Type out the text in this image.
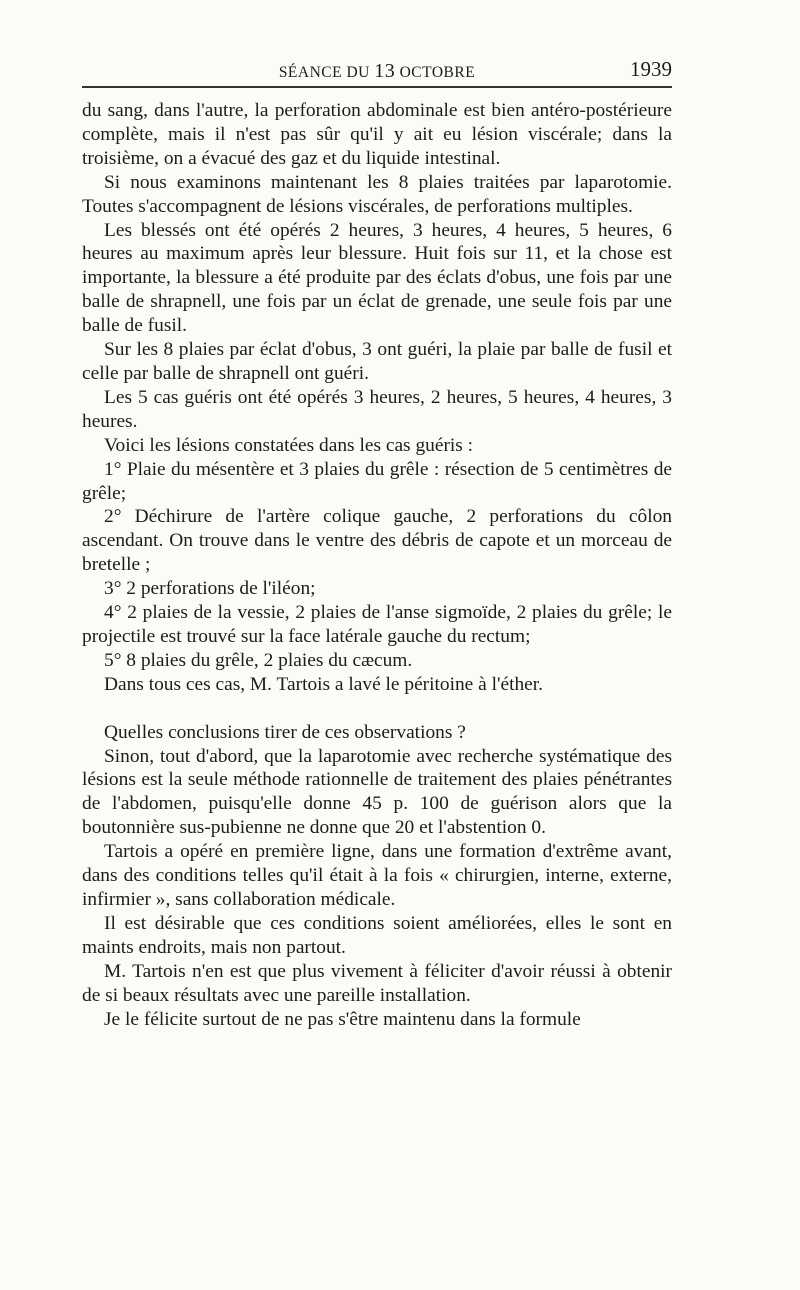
SÉANCE DU 13 OCTOBRE	1939

du sang, dans l'autre, la perforation abdominale est bien antéro-postérieure complète, mais il n'est pas sûr qu'il y ait eu lésion viscérale; dans la troisième, on a évacué des gaz et du liquide intestinal.

Si nous examinons maintenant les 8 plaies traitées par laparotomie. Toutes s'accompagnent de lésions viscérales, de perforations multiples.

Les blessés ont été opérés 2 heures, 3 heures, 4 heures, 5 heures, 6 heures au maximum après leur blessure. Huit fois sur 11, et la chose est importante, la blessure a été produite par des éclats d'obus, une fois par une balle de shrapnell, une fois par un éclat de grenade, une seule fois par une balle de fusil.

Sur les 8 plaies par éclat d'obus, 3 ont guéri, la plaie par balle de fusil et celle par balle de shrapnell ont guéri.

Les 5 cas guéris ont été opérés 3 heures, 2 heures, 5 heures, 4 heures, 3 heures.

Voici les lésions constatées dans les cas guéris :

1° Plaie du mésentère et 3 plaies du grêle : résection de 5 centimètres de grêle;

2° Déchirure de l'artère colique gauche, 2 perforations du côlon ascendant. On trouve dans le ventre des débris de capote et un morceau de bretelle ;

3° 2 perforations de l'iléon;

4° 2 plaies de la vessie, 2 plaies de l'anse sigmoïde, 2 plaies du grêle; le projectile est trouvé sur la face latérale gauche du rectum;

5° 8 plaies du grêle, 2 plaies du cæcum.

Dans tous ces cas, M. Tartois a lavé le péritoine à l'éther.

Quelles conclusions tirer de ces observations ?

Sinon, tout d'abord, que la laparotomie avec recherche systématique des lésions est la seule méthode rationnelle de traitement des plaies pénétrantes de l'abdomen, puisqu'elle donne 45 p. 100 de guérison alors que la boutonnière sus-pubienne ne donne que 20 et l'abstention 0.

Tartois a opéré en première ligne, dans une formation d'extrême avant, dans des conditions telles qu'il était à la fois « chirurgien, interne, externe, infirmier », sans collaboration médicale.

Il est désirable que ces conditions soient améliorées, elles le sont en maints endroits, mais non partout.

M. Tartois n'en est que plus vivement à féliciter d'avoir réussi à obtenir de si beaux résultats avec une pareille installation.

Je le félicite surtout de ne pas s'être maintenu dans la formule
